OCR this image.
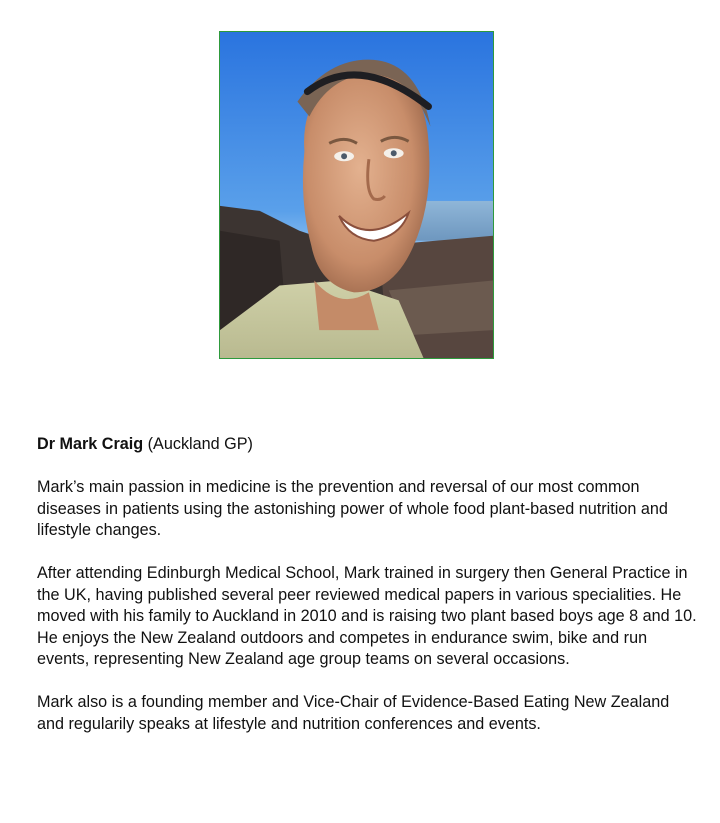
Dr Mark Craig (Auckland GP)

Mark’s main passion in medicine is the prevention and reversal of our most common diseases in patients using the astonishing power of whole food plant-based nutrition and lifestyle changes.

After attending Edinburgh Medical School, Mark trained in surgery then General Practice in the UK, having published several peer reviewed medical papers in various specialities. He moved with his family to Auckland in 2010 and is raising two plant based boys age 8 and 10. He enjoys the New Zealand outdoors and competes in endurance swim, bike and run events, representing New Zealand age group teams on several occasions.

Mark also is a founding member and Vice-Chair of Evidence-Based Eating New Zealand and regularily speaks at lifestyle and nutrition conferences and events.
